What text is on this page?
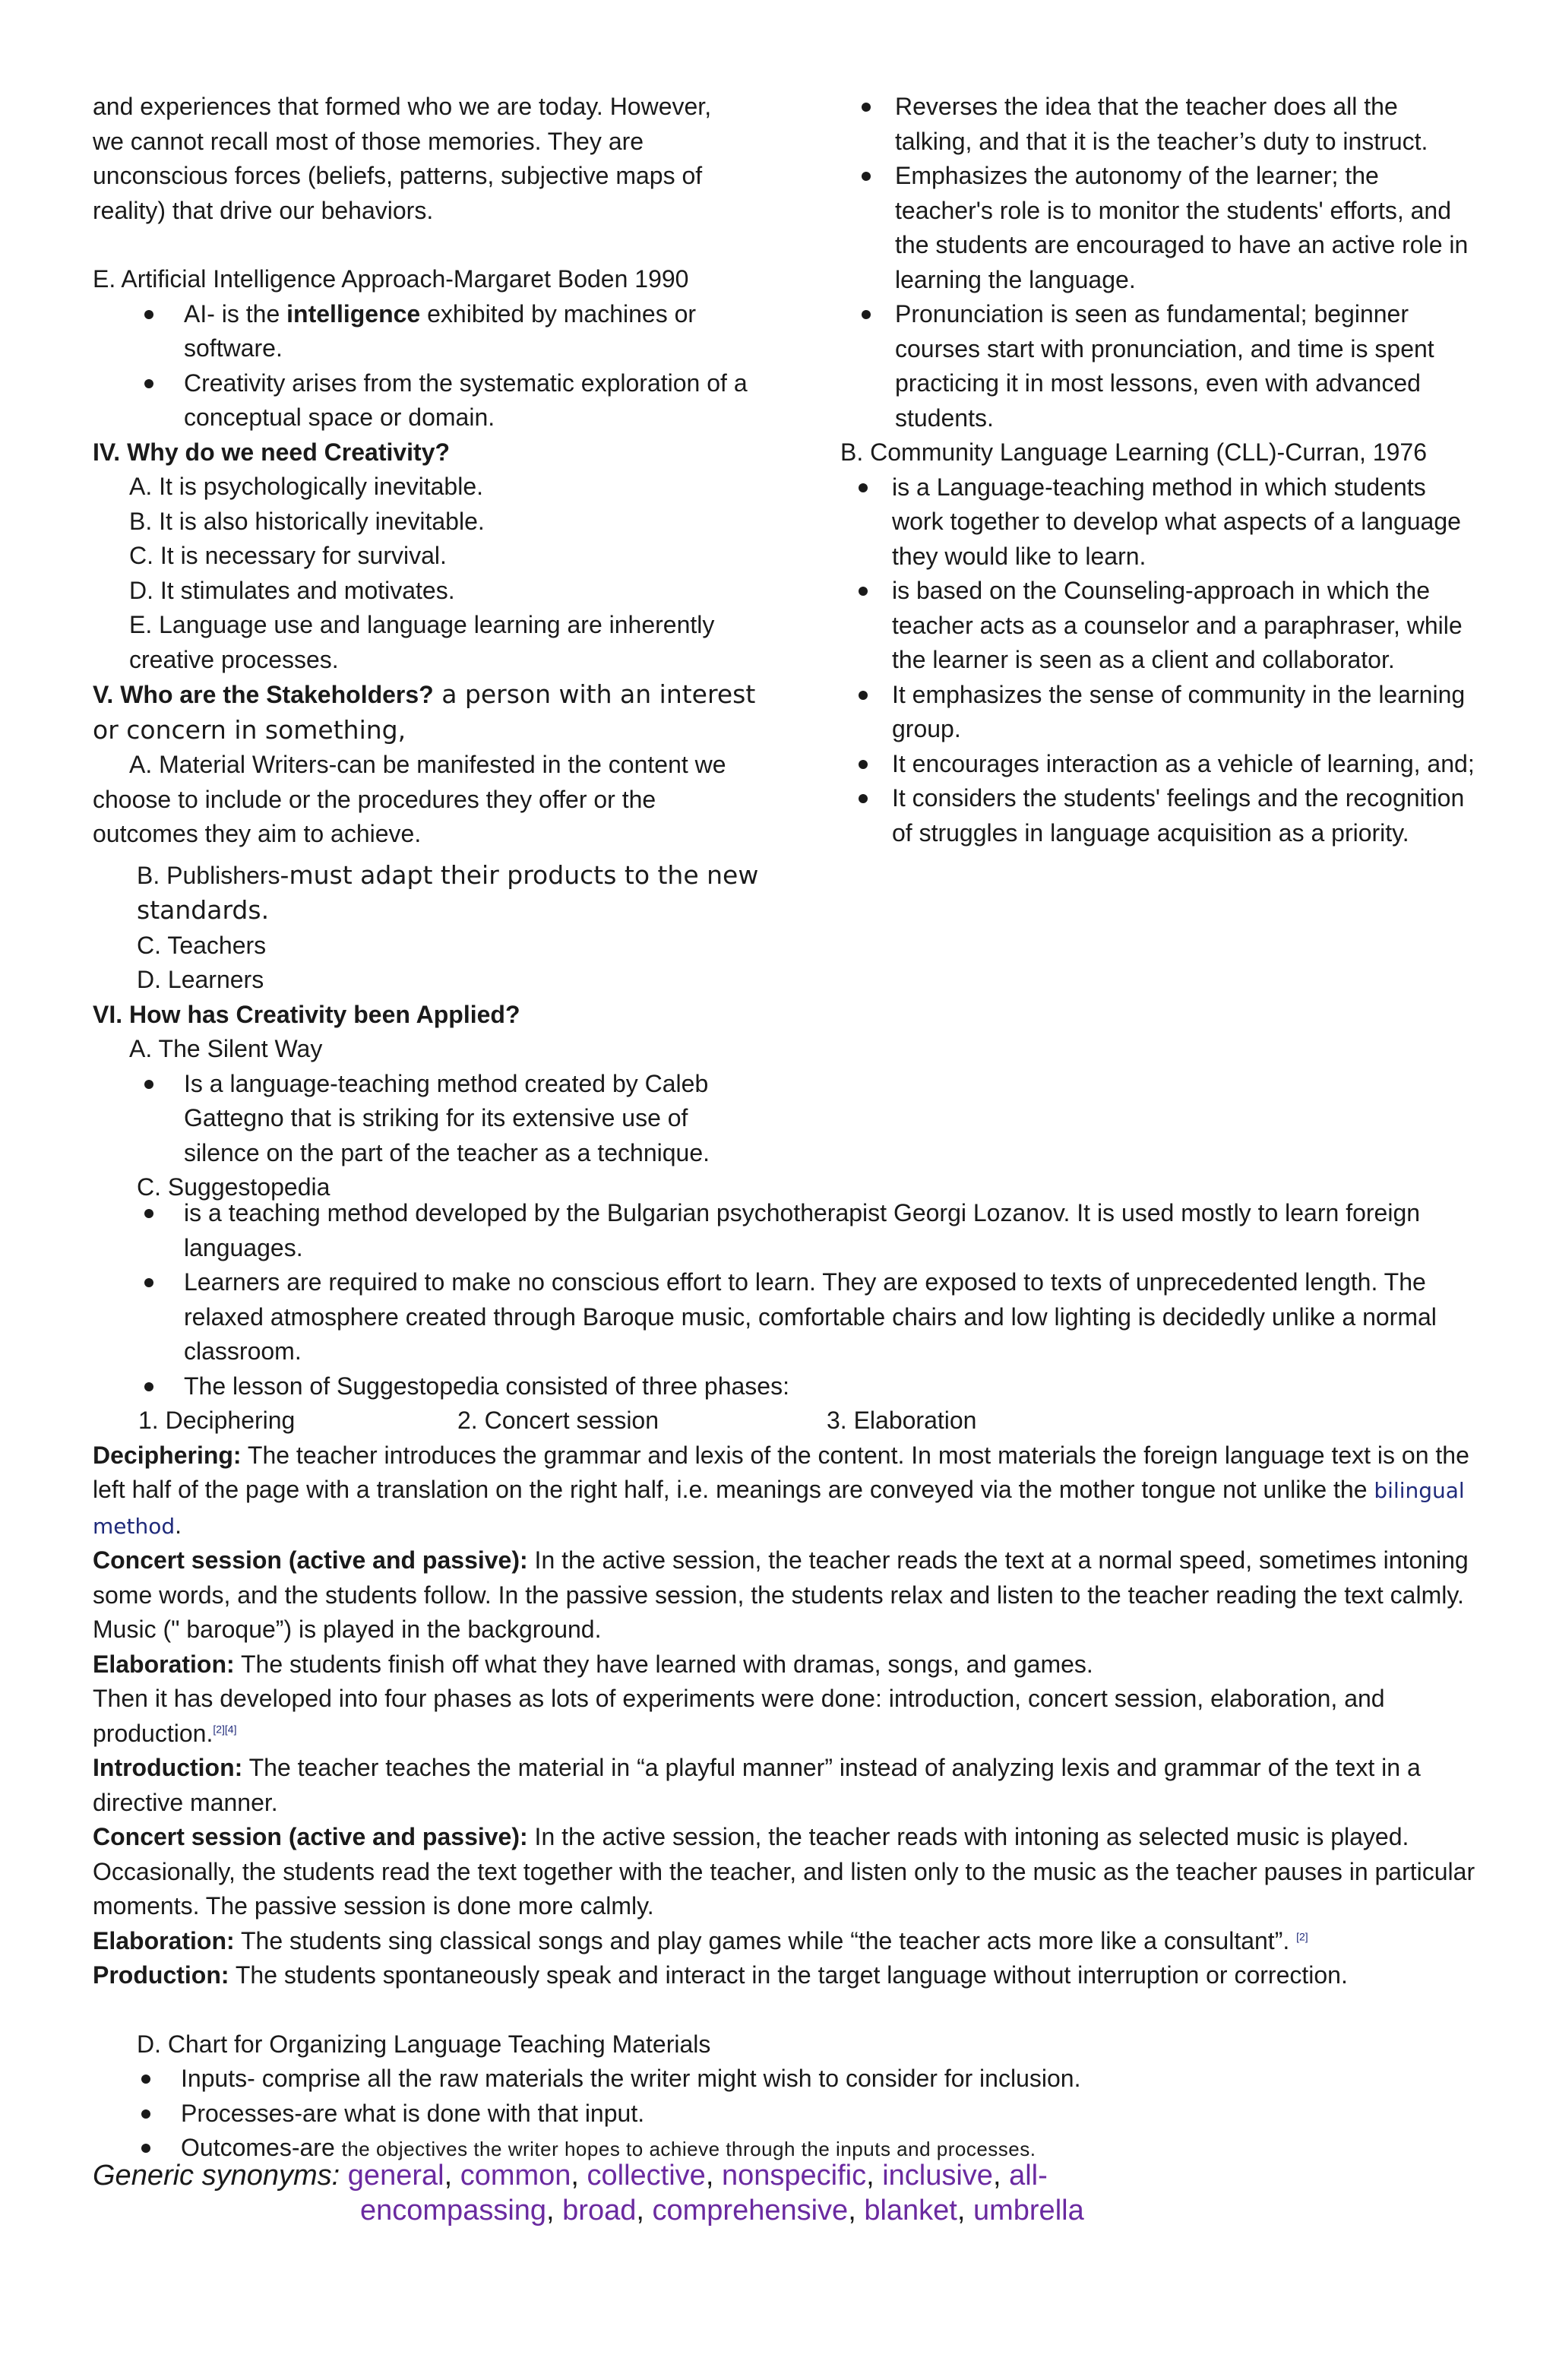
and experiences that formed who we are today. However,

we cannot recall most of those memories. They are

unconscious forces (beliefs, patterns, subjective maps of

reality) that drive our behaviors.

E. Artificial Intelligence Approach-Margaret Boden 1990

AI- is the intelligence exhibited by machines or software.
Creativity arises from the systematic exploration of a conceptual space or domain.

IV. Why do we need Creativity?

A. It is psychologically inevitable.

B. It is also historically inevitable.

C. It is necessary for survival.

D. It stimulates and motivates.

E. Language use and language learning are inherently creative processes.

V. Who are the Stakeholders? a person with an interest or concern in something,

A. Material Writers-can be manifested in the content we choose to include or the procedures they offer or the outcomes they aim to achieve.

B. Publishers-must adapt their products to the new standards.

C. Teachers

D. Learners

VI. How has Creativity been Applied?

A. The Silent Way

Is a language-teaching method created by Caleb Gattegno that is striking for its extensive use of silence on the part of the teacher as a technique.

C. Suggestopedia

Reverses the idea that the teacher does all the talking, and that it is the teacher’s duty to instruct.
Emphasizes the autonomy of the learner; the teacher's role is to monitor the students' efforts, and the students are encouraged to have an active role in learning the language.
Pronunciation is seen as fundamental; beginner courses start with pronunciation, and time is spent practicing it in most lessons, even with advanced students.

B. Community Language Learning (CLL)-Curran, 1976

is a Language-teaching method in which students work together to develop what aspects of a language they would like to learn.
is based on the Counseling-approach in which the teacher acts as a counselor and a paraphraser, while the learner is seen as a client and collaborator.
It emphasizes the sense of community in the learning group.
It encourages interaction as a vehicle of learning, and;
It considers the students' feelings and the recognition of struggles in language acquisition as a priority.
is a teaching method developed by the Bulgarian psychotherapist Georgi Lozanov. It is used mostly to learn foreign languages.
Learners are required to make no conscious effort to learn. They are exposed to texts of unprecedented length. The relaxed atmosphere created through Baroque music, comfortable chairs and low lighting is decidedly unlike a normal classroom.
The lesson of Suggestopedia consisted of three phases:

1. Deciphering	2. Concert session	3. Elaboration

Deciphering: The teacher introduces the grammar and lexis of the content. In most materials the foreign language text is on the left half of the page with a translation on the right half, i.e. meanings are conveyed via the mother tongue not unlike the bilingual method.

Concert session (active and passive): In the active session, the teacher reads the text at a normal speed, sometimes intoning some words, and the students follow. In the passive session, the students relax and listen to the teacher reading the text calmly. Music (" baroque”) is played in the background.

Elaboration: The students finish off what they have learned with dramas, songs, and games.

Then it has developed into four phases as lots of experiments were done: introduction, concert session, elaboration, and production.[2][4]

Introduction: The teacher teaches the material in “a playful manner” instead of analyzing lexis and grammar of the text in a directive manner.

Concert session (active and passive): In the active session, the teacher reads with intoning as selected music is played. Occasionally, the students read the text together with the teacher, and listen only to the music as the teacher pauses in particular moments. The passive session is done more calmly.

Elaboration: The students sing classical songs and play games while “the teacher acts more like a consultant”. [2]

Production: The students spontaneously speak and interact in the target language without interruption or correction.

D. Chart for Organizing Language Teaching Materials

Inputs- comprise all the raw materials the writer might wish to consider for inclusion.
Processes-are what is done with that input.
Outcomes-are the objectives the writer hopes to achieve through the inputs and processes.
Generic synonyms: general, common, collective, nonspecific, inclusive, all-
encompassing, broad, comprehensive, blanket, umbrella
